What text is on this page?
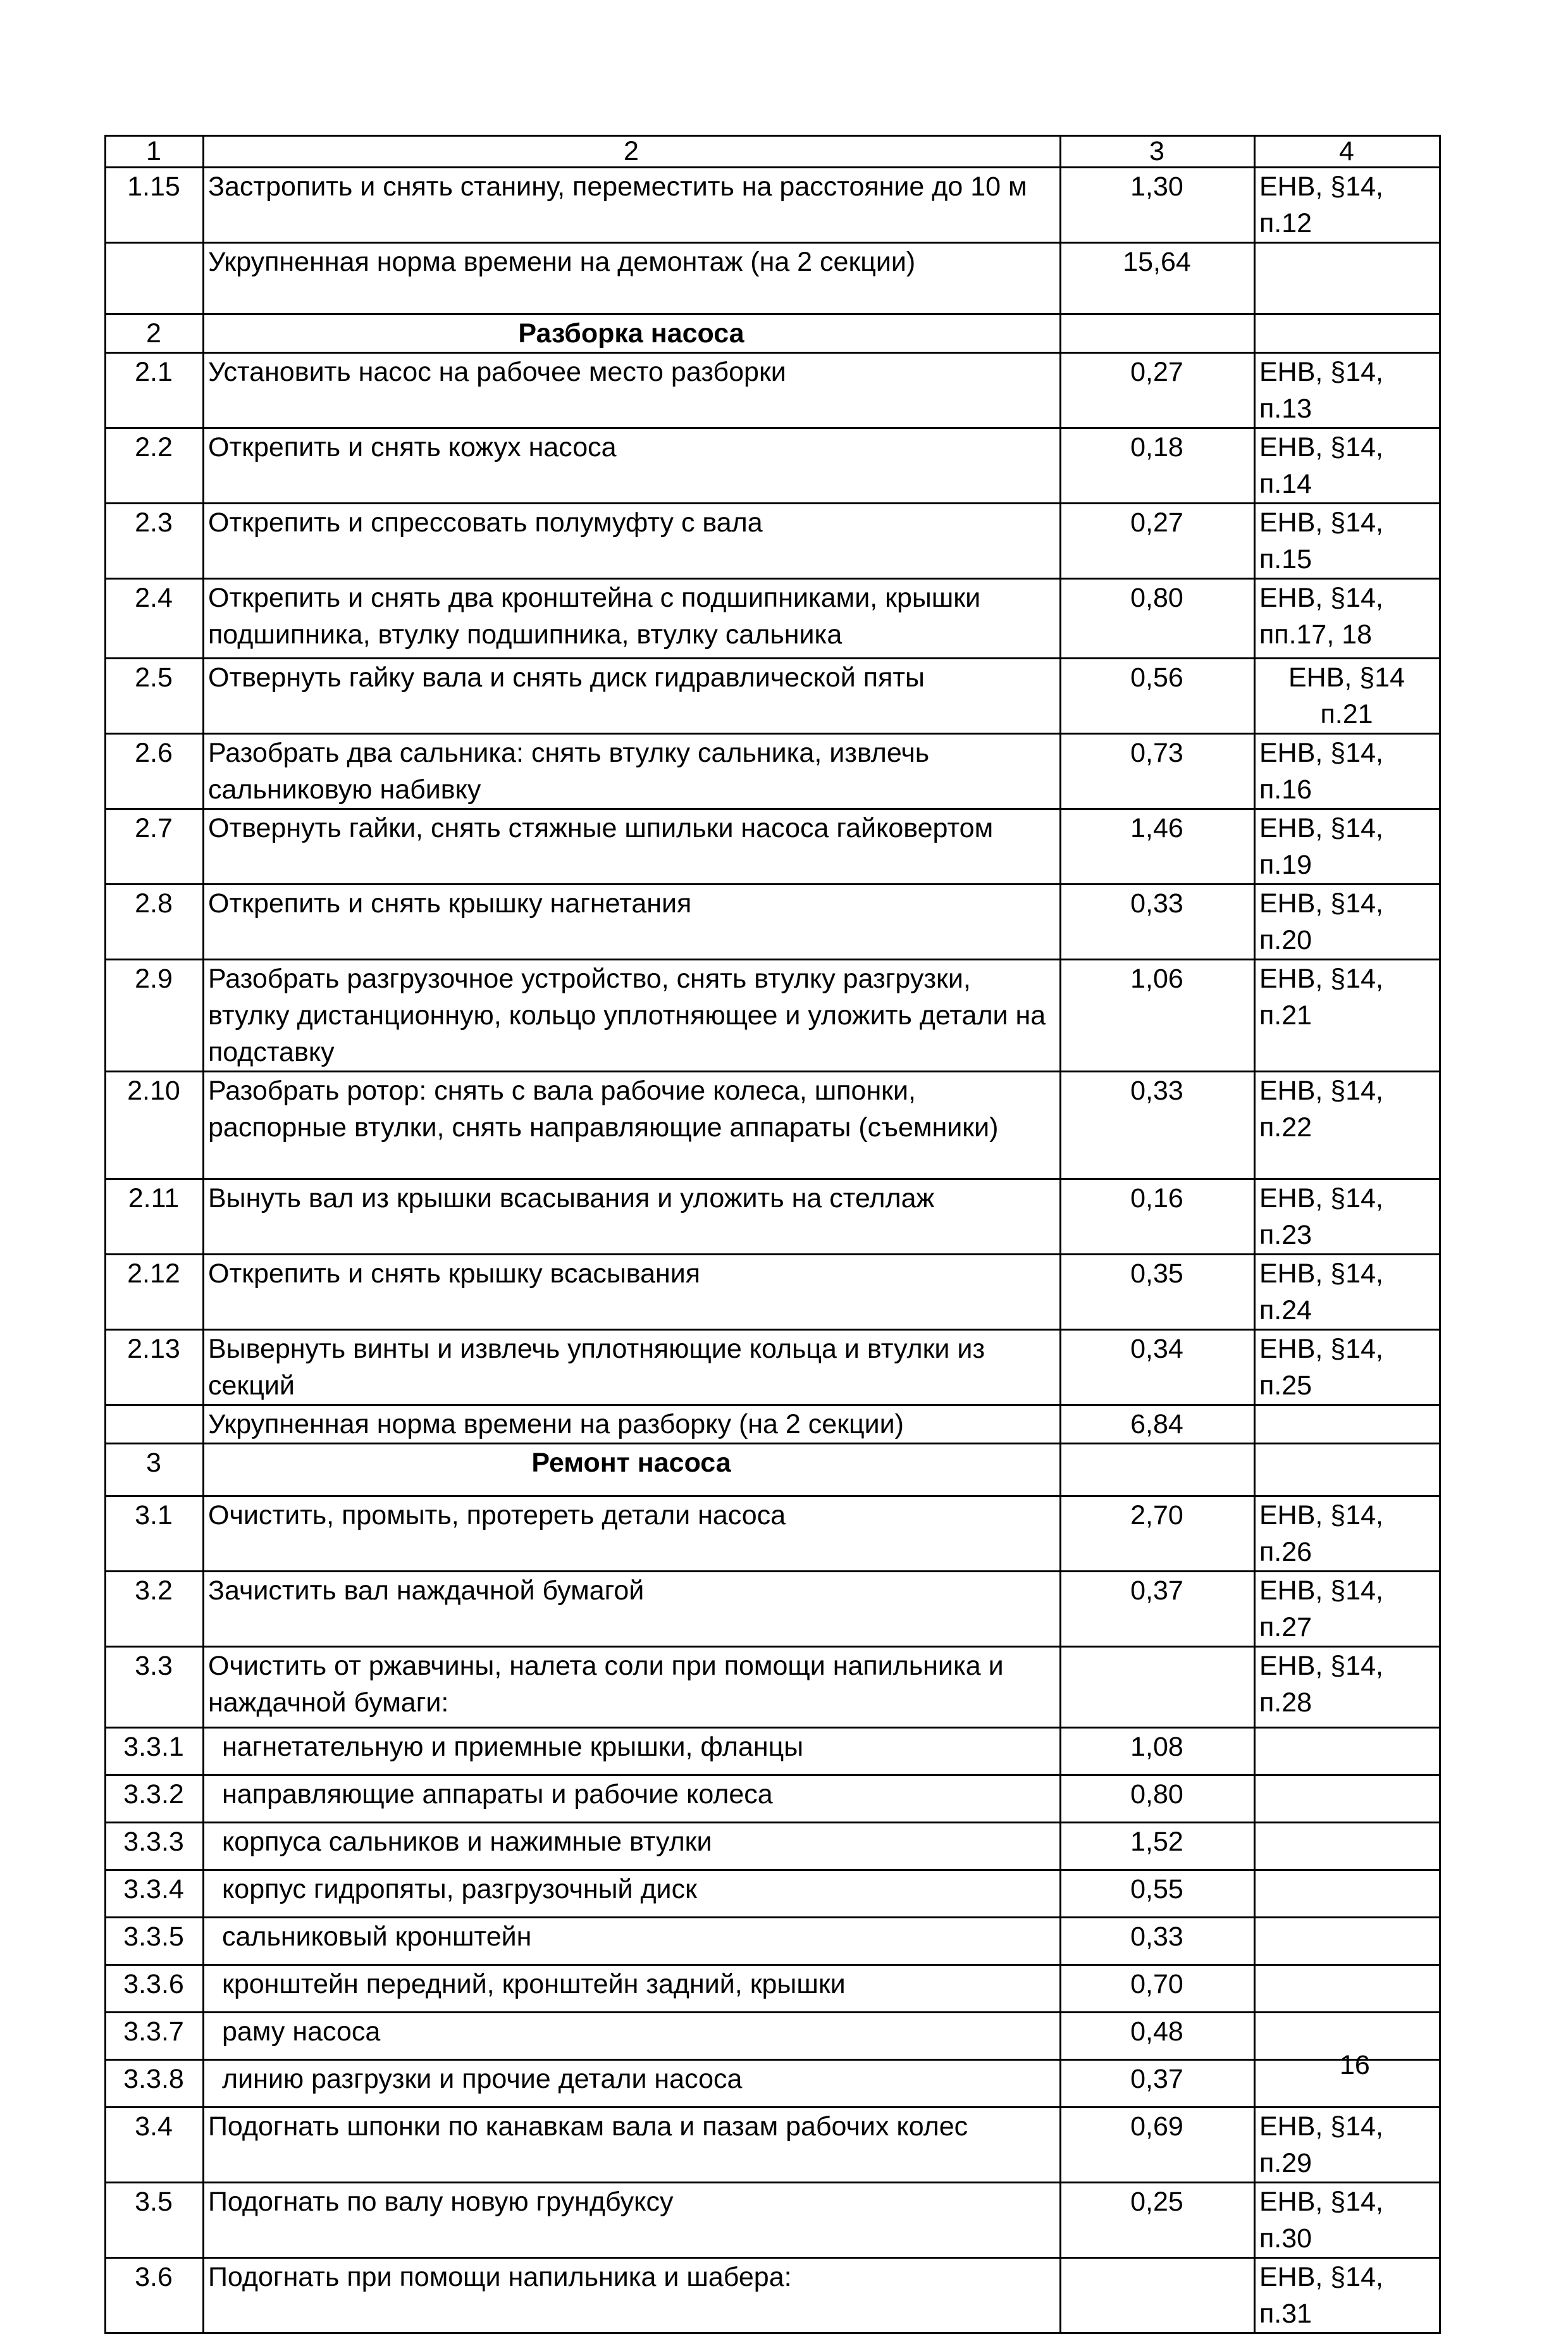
1	2	3	4
1.15	Застропить и снять станину, переместить на расстояние до 10 м	1,30	ЕНВ, §14, п.12
	Укрупненная норма времени на демонтаж (на 2 секции)	15,64	
2	Разборка насоса		
2.1	Установить насос на рабочее место разборки	0,27	ЕНВ, §14, п.13
2.2	Открепить и снять кожух насоса	0,18	ЕНВ, §14, п.14
2.3	Открепить и спрессовать полумуфту с вала	0,27	ЕНВ, §14, п.15
2.4	Открепить и снять два кронштейна с подшипниками, крышки подшипника, втулку подшипника, втулку сальника	0,80	ЕНВ, §14, пп.17, 18
2.5	Отвернуть гайку вала и снять диск гидравлической пяты	0,56	ЕНВ, §14 п.21
2.6	Разобрать два сальника: снять втулку сальника, извлечь сальниковую набивку	0,73	ЕНВ, §14, п.16
2.7	Отвернуть гайки, снять стяжные шпильки насоса гайковертом	1,46	ЕНВ, §14, п.19
2.8	Открепить и снять крышку нагнетания	0,33	ЕНВ, §14, п.20
2.9	Разобрать разгрузочное устройство, снять втулку разгрузки, втулку дистанционную, кольцо уплотняющее и уложить детали на подставку	1,06	ЕНВ, §14, п.21
2.10	Разобрать ротор: снять с вала рабочие колеса, шпонки, распорные втулки, снять направляющие аппараты (съемники)	0,33	ЕНВ, §14, п.22
2.11	Вынуть вал из крышки всасывания и уложить на стеллаж	0,16	ЕНВ, §14, п.23
2.12	Открепить и снять крышку всасывания	0,35	ЕНВ, §14, п.24
2.13	Вывернуть винты и извлечь уплотняющие кольца и втулки из секций	0,34	ЕНВ, §14, п.25
	Укрупненная норма времени на разборку (на 2 секции)	6,84	
3	Ремонт насоса		
3.1	Очистить, промыть, протереть детали насоса	2,70	ЕНВ, §14, п.26
3.2	Зачистить вал наждачной бумагой	0,37	ЕНВ, §14, п.27
3.3	Очистить от ржавчины, налета соли при помощи напильника и наждачной бумаги:		ЕНВ, §14, п.28
3.3.1	нагнетательную и приемные крышки, фланцы	1,08	
3.3.2	направляющие аппараты и рабочие колеса	0,80	
3.3.3	корпуса сальников и нажимные втулки	1,52	
3.3.4	корпус гидропяты, разгрузочный диск	0,55	
3.3.5	сальниковый кронштейн	0,33	
3.3.6	кронштейн передний, кронштейн задний, крышки	0,70	
3.3.7	раму насоса	0,48	
3.3.8	линию разгрузки и прочие детали насоса	0,37	
3.4	Подогнать шпонки по канавкам вала и пазам рабочих колес	0,69	ЕНВ, §14, п.29
3.5	Подогнать по валу новую грундбуксу	0,25	ЕНВ, §14, п.30
3.6	Подогнать при помощи напильника и шабера:		ЕНВ, §14, п.31
16
